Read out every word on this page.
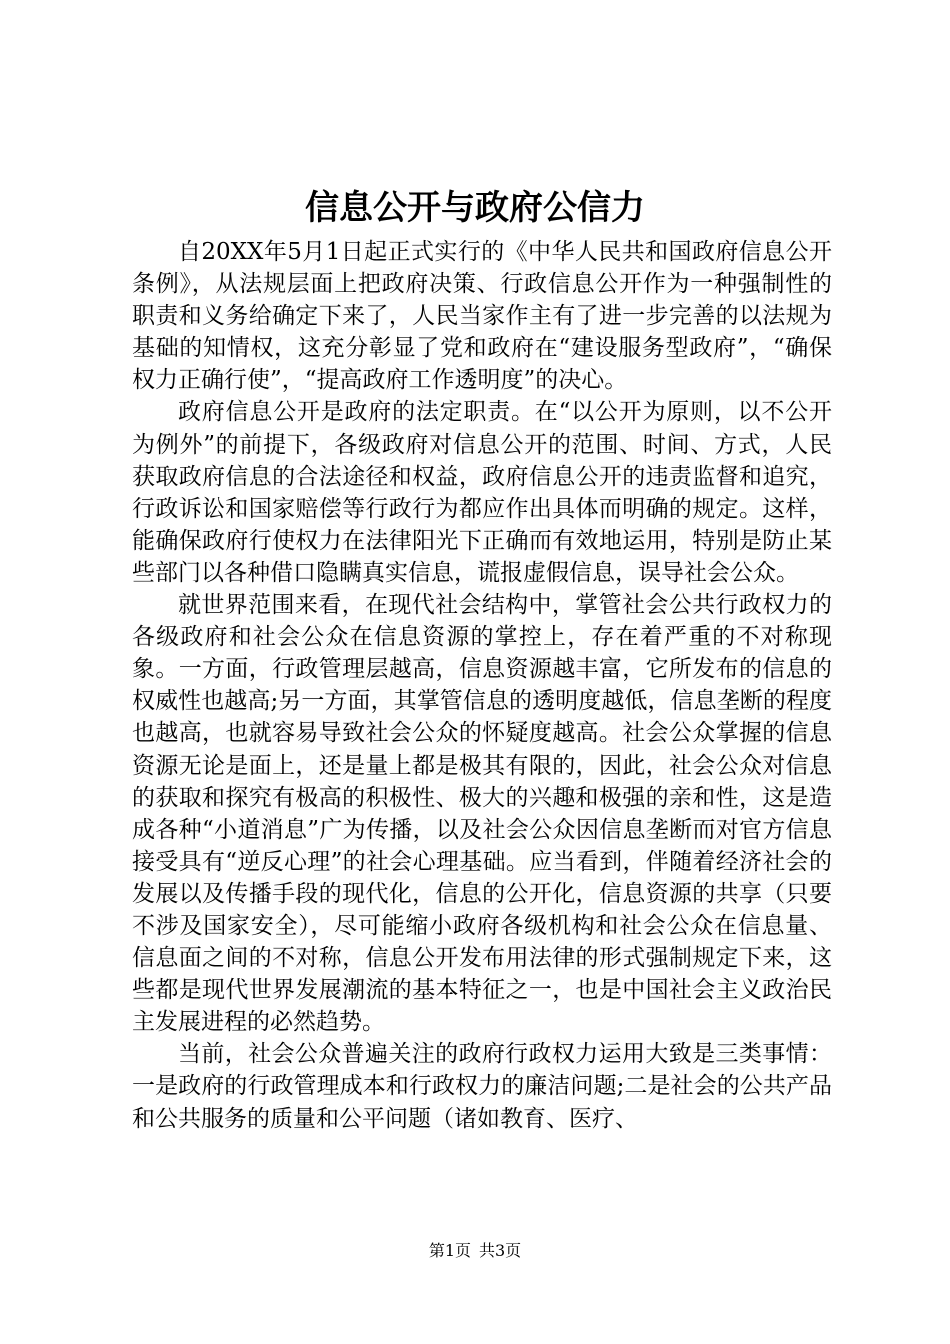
信息公开与政府公信力

自20XX年5月1日起正式实行的《中华人民共和国政府信息公开条例》，从法规层面上把政府决策、行政信息公开作为一种强制性的职责和义务给确定下来了，人民当家作主有了进一步完善的以法规为基础的知情权，这充分彰显了党和政府在“建设服务型政府”，“确保权力正确行使”，“提高政府工作透明度”的决心。

政府信息公开是政府的法定职责。在“以公开为原则，以不公开为例外”的前提下，各级政府对信息公开的范围、时间、方式，人民获取政府信息的合法途径和权益，政府信息公开的违责监督和追究，行政诉讼和国家赔偿等行政行为都应作出具体而明确的规定。这样，能确保政府行使权力在法律阳光下正确而有效地运用，特别是防止某些部门以各种借口隐瞒真实信息，谎报虚假信息，误导社会公众。

就世界范围来看，在现代社会结构中，掌管社会公共行政权力的各级政府和社会公众在信息资源的掌控上，存在着严重的不对称现象。一方面，行政管理层越高，信息资源越丰富，它所发布的信息的权威性也越高;另一方面，其掌管信息的透明度越低，信息垄断的程度也越高，也就容易导致社会公众的怀疑度越高。社会公众掌握的信息资源无论是面上，还是量上都是极其有限的，因此，社会公众对信息的获取和探究有极高的积极性、极大的兴趣和极强的亲和性，这是造成各种“小道消息”广为传播，以及社会公众因信息垄断而对官方信息接受具有“逆反心理”的社会心理基础。应当看到，伴随着经济社会的发展以及传播手段的现代化，信息的公开化，信息资源的共享（只要不涉及国家安全），尽可能缩小政府各级机构和社会公众在信息量、信息面之间的不对称，信息公开发布用法律的形式强制规定下来，这些都是现代世界发展潮流的基本特征之一，也是中国社会主义政治民主发展进程的必然趋势。

当前，社会公众普遍关注的政府行政权力运用大致是三类事情：一是政府的行政管理成本和行政权力的廉洁问题;二是社会的公共产品和公共服务的质量和公平问题（诸如教育、医疗、

第1页 共3页
